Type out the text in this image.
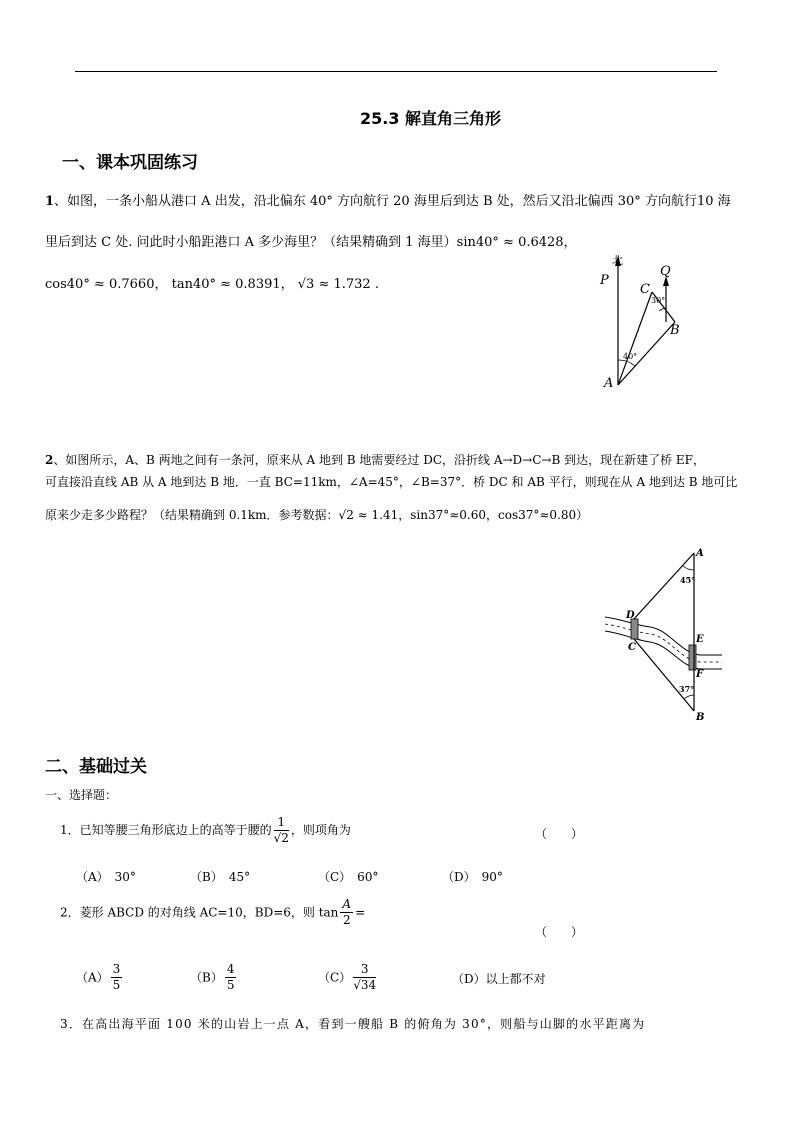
25.3 解直角三角形
一、课本巩固练习
1、如图，一条小船从港口 A 出发，沿北偏东 40° 方向航行 20 海里后到达 B 处，然后又沿北偏西 30° 方向航行10 海
里后到达 C 处. 问此时小船距港口 A 多少海里？（结果精确到 1 海里）sin40° ≈ 0.6428，
cos40° ≈ 0.7660， tan40° ≈ 0.8391， √3 ≈ 1.732 .
北
P
Q
C
B
A
30°
40°
2、如图所示，A、B 两地之间有一条河，原来从 A 地到 B 地需要经过 DC，沿折线 A→D→C→B 到达，现在新建了桥 EF，
可直接沿直线 AB 从 A 地到达 B 地．一直 BC=11km，∠A=45°，∠B=37°．桥 DC 和 AB 平行，则现在从 A 地到达 B 地可比
原来少走多少路程？（结果精确到 0.1km．参考数据：√2 ≈ 1.41，sin37°≈0.60，cos37°≈0.80）
A
D
C
E
F
B
45°
37°
二、基础过关
一、选择题：
1．已知等腰三角形底边上的高等于腰的 $\frac{1}{√2}$ ，则项角为	（　　）
（A）　30°	（B）　45°	（C）　60°	（D）　90°
2．菱形 ABCD 的对角线 AC=10，BD=6，则 $\tan \frac{A}{2}$ =
（　　）
$(A) \frac{3}{5}$	$(B) \frac{4}{5}$	$(C) \frac{3}{√34}$	（D）以上都不对
3．在高出海平面 100 米的山岩上一点 A，看到一艘船 B 的俯角为 30°，则船与山脚的水平距离为
